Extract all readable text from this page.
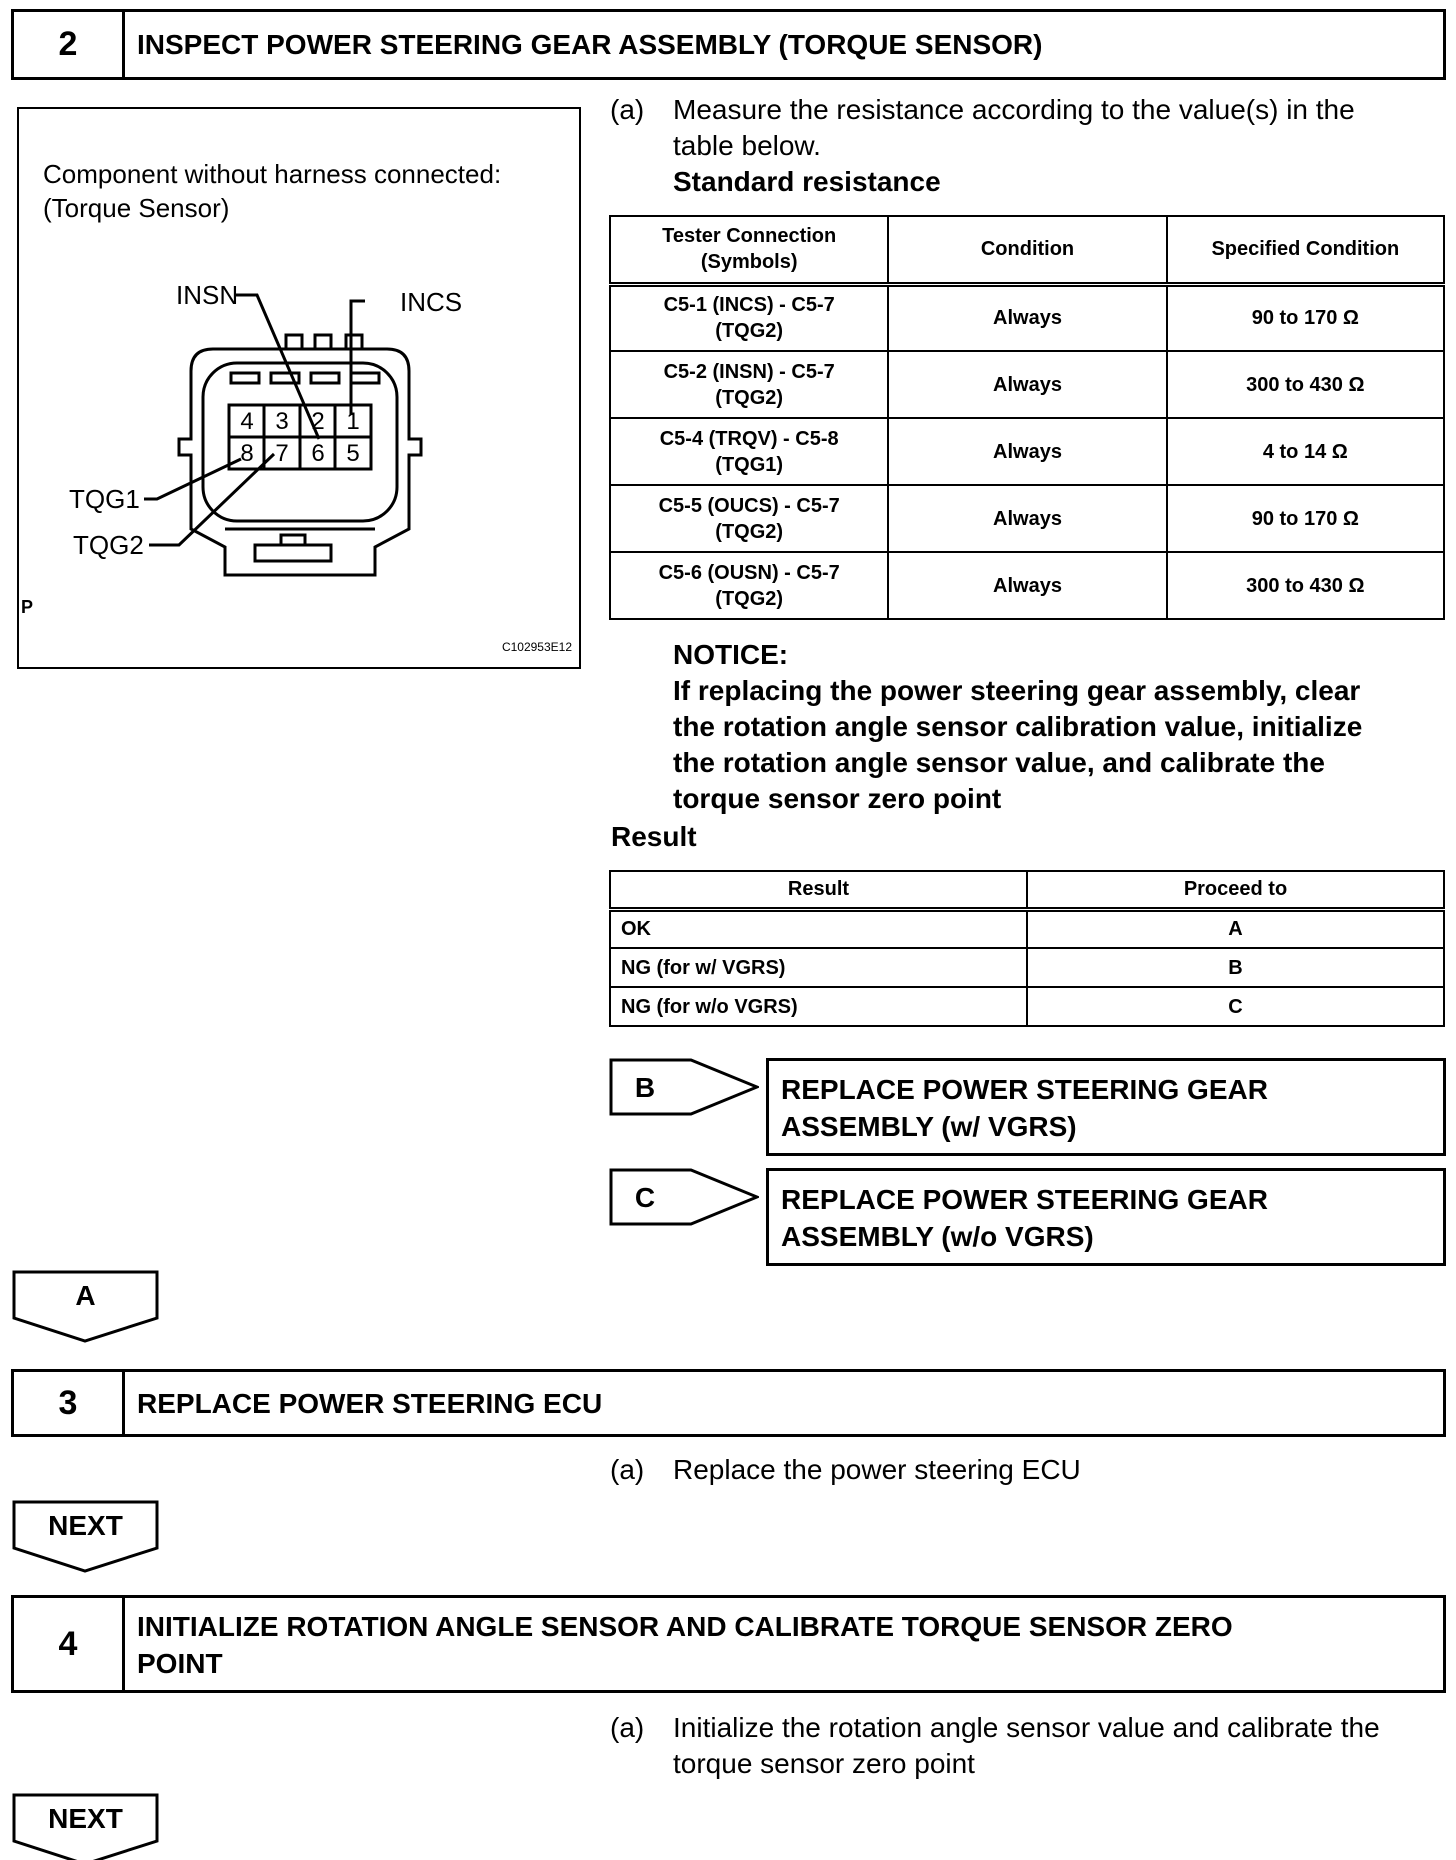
2	INSPECT POWER STEERING GEAR ASSEMBLY (TORQUE SENSOR)
Component without harness connected:
(Torque Sensor)
4 3 2 1
8 7 6 5
INSN	INCS
TQG1
TQG2
P
C102953E12
(a) Measure the resistance according to the value(s) in the
table below.
Standard resistance
Tester Connection
(Symbols)	Condition	Specified Condition
C5-1 (INCS) - C5-7
(TQG2)	Always	90 to 170 Ω
C5-2 (INSN) - C5-7
(TQG2)	Always	300 to 430 Ω
C5-4 (TRQV) - C5-8
(TQG1)	Always	4 to 14 Ω
C5-5 (OUCS) - C5-7
(TQG2)	Always	90 to 170 Ω
C5-6 (OUSN) - C5-7
(TQG2)	Always	300 to 430 Ω
NOTICE:
If replacing the power steering gear assembly, clear
the rotation angle sensor calibration value, initialize
the rotation angle sensor value, and calibrate the
torque sensor zero point
Result
Result	Proceed to
OK	A
NG (for w/ VGRS)	B
NG (for w/o VGRS)	C
B	REPLACE POWER STEERING GEAR
ASSEMBLY (w/ VGRS)
C	REPLACE POWER STEERING GEAR
ASSEMBLY (w/o VGRS)
A
3	REPLACE POWER STEERING ECU
(a) Replace the power steering ECU
NEXT
4	INITIALIZE ROTATION ANGLE SENSOR AND CALIBRATE TORQUE SENSOR ZERO
POINT
(a) Initialize the rotation angle sensor value and calibrate the
torque sensor zero point
NEXT
